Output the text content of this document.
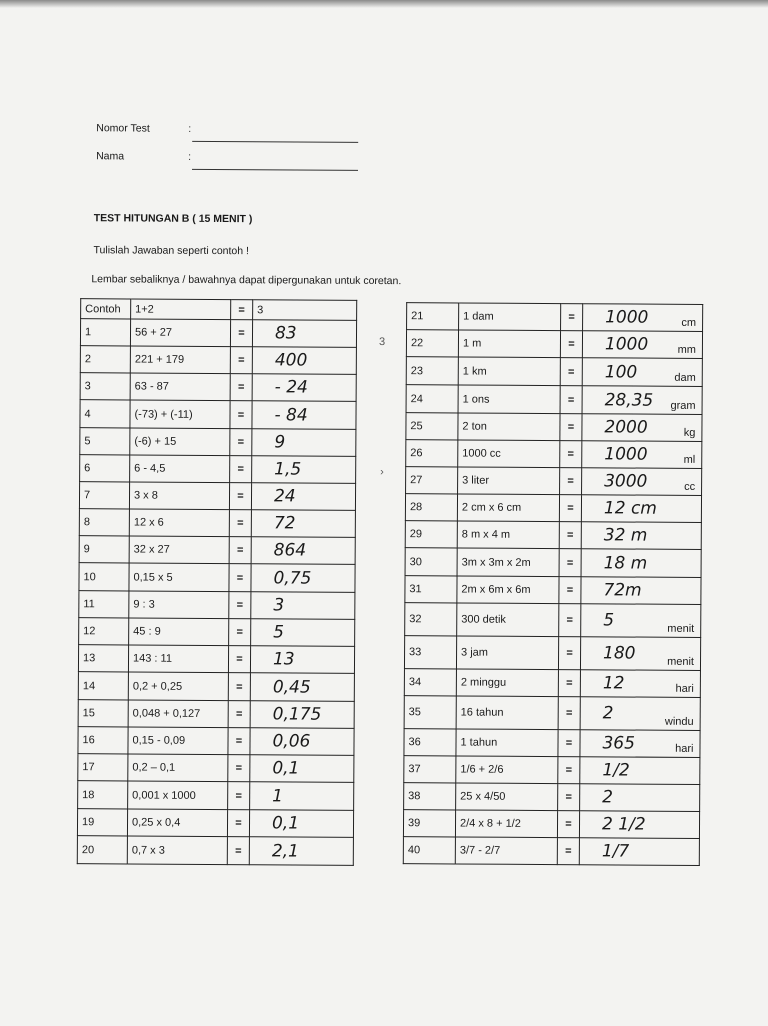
Nomor Test	:
Nama	:
TEST HITUNGAN B ( 15 MENIT )
Tulislah Jawaban seperti contoh !
Lembar sebaliknya / bawahnya dapat dipergunakan untuk coretan.
Contoh	1+2	=	3
1	56 + 27	=	83

2	221 + 179	=	400

3	63 - 87	=	- 24

4	(-73) + (-11)	=	- 84

5	(-6) + 15	=	9

6	6 - 4,5	=	1,5

7	3 x 8	=	24

8	12 x 6	=	72

9	32 x 27	=	864

10	0,15 x 5	=	0,75

11	9 : 3	=	3

12	45 : 9	=	5

13	143 : 11	=	13

14	0,2 + 0,25	=	0,45

15	0,048 + 0,127	=	0,175

16	0,15 - 0,09	=	0,06

17	0,2 – 0,1	=	0,1

18	0,001 x 1000	=	1

19	0,25 x 0,4	=	0,1

20	0,7 x 3	=	2,1
21	1 dam	=	1000 cm

22	1 m	=	1000 mm

23	1 km	=	100 dam

24	1 ons	=	28,35 gram

25	2 ton	=	2000 kg

26	1000 cc	=	1000 ml

27	3 liter	=	3000 cc

28	2 cm x 6 cm	=	12 cm

29	8 m x 4 m	=	32 m

30	3m x 3m x 2m	=	18 m

31	2m x 6m x 6m	=	72m

32	300 detik	=	5 menit

33	3 jam	=	180 menit

34	2 minggu	=	12 hari

35	16 tahun	=	2 windu

36	1 tahun	=	365 hari

37	1/6 + 2/6	=	1/2

38	25 x 4/50	=	2

39	2/4 x 8 + 1/2	=	2 1/2

40	3/7 - 2/7	=	1/7
3
›
